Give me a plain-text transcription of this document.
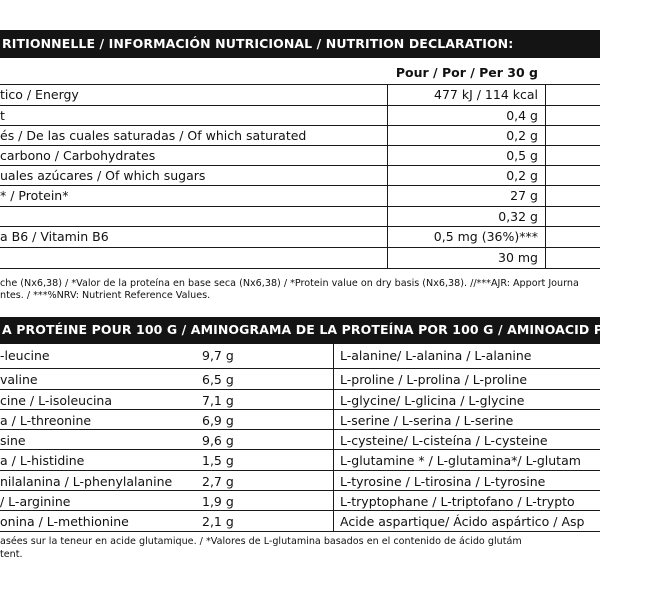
RITIONNELLE / INFORMACIÓN NUTRICIONAL / NUTRITION DECLARATION:
Pour / Por / Per 30 g
tico / Energy	477 kJ / 114 kcal
t	0,4 g
és / De las cuales saturadas / Of which saturated	0,2 g
carbono / Carbohydrates	0,5 g
uales azúcares / Of which sugars	0,2 g
* / Protein*	27 g
0,32 g
a B6 / Vitamin B6	0,5 mg (36%)***
30 mg
che (Nx6,38) / *Valor de la proteína en base seca (Nx6,38) / *Protein value on dry basis (Nx6,38). //***AJR: Apport Journa
ntes. / ***%NRV: Nutrient Reference Values.
A PROTÉINE POUR 100 G / AMINOGRAMA DE LA PROTEÍNA POR 100 G / AMINOACID PROFILE O
-leucine	9,7 g	L-alanine/ L-alanina / L-alanine
valine	6,5 g	L-proline / L-prolina / L-proline
cine / L-isoleucina	7,1 g	L-glycine/ L-glicina / L-glycine
a / L-threonine	6,9 g	L-serine / L-serina / L-serine
sine	9,6 g	L-cysteine/ L-cisteína / L-cysteine
a / L-histidine	1,5 g	L-glutamine * / L-glutamina*/ L-glutam
nilalanina / L-phenylalanine 2,7 g	L-tyrosine / L-tirosina / L-tyrosine
/ L-arginine	1,9 g	L-tryptophane / L-triptofano / L-trypto
onina / L-methionine	2,1 g	Acide aspartique/ Ácido aspártico / Asp
asées sur la teneur en acide glutamique. / *Valores de L-glutamina basados en el contenido de ácido glutám
tent.
